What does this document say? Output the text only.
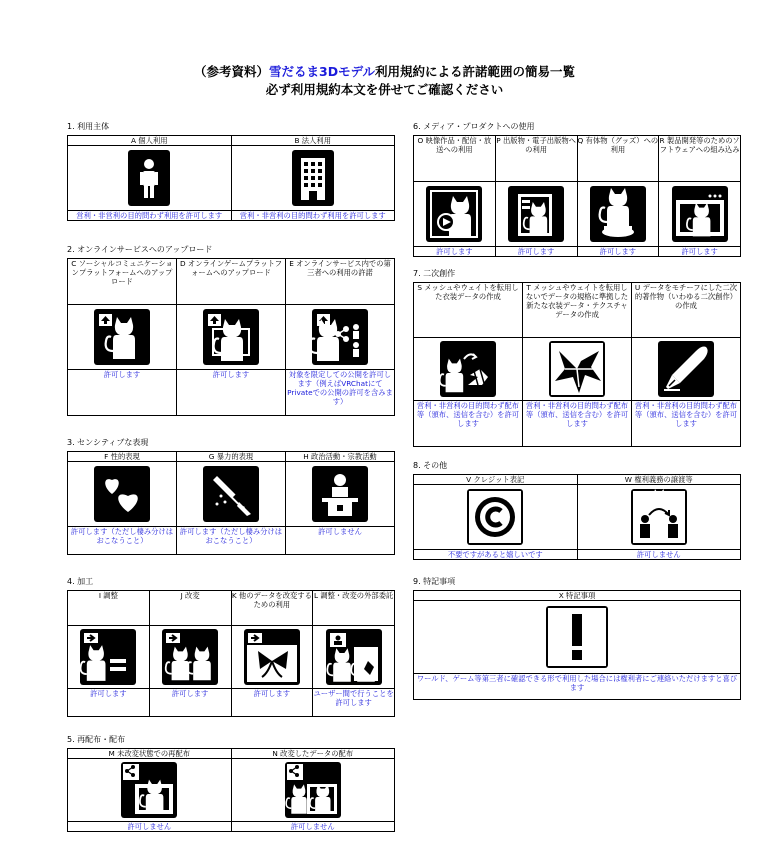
（参考資料）雪だるま3Dモデル利用規約による許諾範囲の簡易一覧
必ず利用規約本文を併せてご確認ください
1. 利用主体
A 個人利用	B 法人利用

営利・非営利の目的問わず利用を許可します	営利・非営利の目的問わず利用を許可します
2. オンラインサービスへのアップロード
C ソーシャルコミュニケーションプラットフォームへのアップロード	D オンラインゲームプラットフォームへのアップロード	E オンラインサービス内での第三者への利用の許諾

許可します	許可します	対象を限定しての公開を許可します（例えばVRChatにてPrivateでの公開の許可を含みます）
3. センシティブな表現
F 性的表現	G 暴力的表現	H 政治活動・宗教活動

許可します（ただし棲み分けはおこなうこと）	許可します（ただし棲み分けはおこなうこと）	許可しません
4. 加工
I 調整	J 改変	K 他のデータを改変するための利用	L 調整・改変の外部委託

許可します	許可します	許可します	ユーザー間で行うことを許可します
5. 再配布・配布
M 未改変状態での再配布	N 改変したデータの配布

許可しません	許可しません
6. メディア・プロダクトへの使用
O 映像作品・配信・放送への利用	P 出版物・電子出版物への利用	Q 有体物（グッズ）への利用	R 製品開発等のためのソフトウェアへの組み込み

許可します	許可します	許可します	許可します
7. 二次創作
S メッシュやウェイトを転用した衣装データの作成	T メッシュやウェイトを転用しないでデータの規格に準拠した新たな衣装データ・テクスチャデータの作成	U データをモチーフにした二次的著作物（いわゆる二次創作）の作成

営利・非営利の目的問わず配布等（頒布、送信を含む）を許可します	営利・非営利の目的問わず配布等（頒布、送信を含む）を許可します	営利・非営利の目的問わず配布等（頒布、送信を含む）を許可します
8. その他
V クレジット表記	W 権利義務の譲渡等

不要ですがあると嬉しいです	許可しません
9. 特記事項
X 特記事項

ワールド、ゲーム等第三者に確認できる形で利用した場合には権利者にご連絡いただけますと喜びます
